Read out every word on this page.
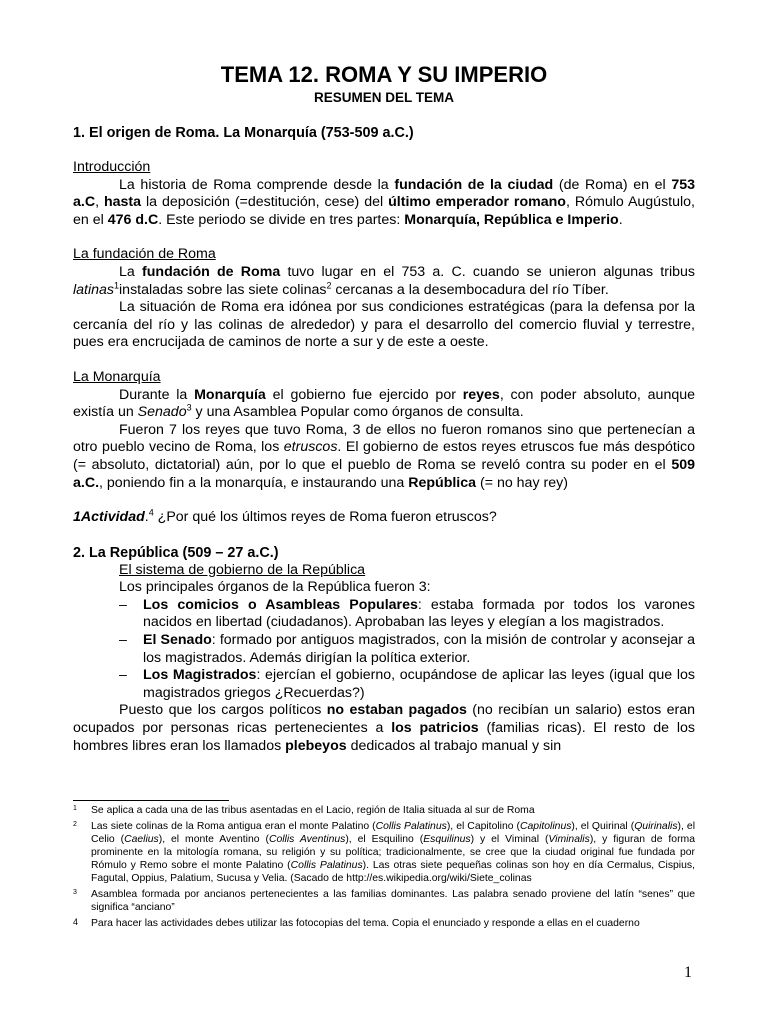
TEMA 12. ROMA Y SU IMPERIO
RESUMEN DEL TEMA
1. El origen de Roma. La Monarquía (753-509 a.C.)
Introducción

La historia de Roma comprende desde la fundación de la ciudad (de Roma) en el 753 a.C, hasta la deposición (=destitución, cese) del último emperador romano, Rómulo Augústulo, en el 476 d.C. Este periodo se divide en tres partes: Monarquía, República e Imperio.

La fundación de Roma

La fundación de Roma tuvo lugar en el 753 a. C. cuando se unieron algunas tribus latinas$^1$instaladas sobre las siete colinas$^2$ cercanas a la desembocadura del río Tíber.

La situación de Roma era idónea por sus condiciones estratégicas (para la defensa por la cercanía del río y las colinas de alrededor) y para el desarrollo del comercio fluvial y terrestre, pues era encrucijada de caminos de norte a sur y de este a oeste.

La Monarquía

Durante la Monarquía el gobierno fue ejercido por reyes, con poder absoluto, aunque existía un Senado$^3$ y una Asamblea Popular como órganos de consulta.

Fueron 7 los reyes que tuvo Roma, 3 de ellos no fueron romanos sino que pertenecían a otro pueblo vecino de Roma, los etruscos. El gobierno de estos reyes etruscos fue más despótico (= absoluto, dictatorial) aún, por lo que el pueblo de Roma se reveló contra su poder en el 509 a.C., poniendo fin a la monarquía, e instaurando una República (= no hay rey)

1Actividad.$^4$ ¿Por qué los últimos reyes de Roma fueron etruscos?

2. La República (509 – 27 a.C.)
El sistema de gobierno de la República
Los principales órganos de la República fueron 3:
– Los comicios o Asambleas Populares: estaba formada por todos los varones nacidos en libertad (ciudadanos). Aprobaban las leyes y elegían a los magistrados.
– El Senado: formado por antiguos magistrados, con la misión de controlar y aconsejar a los magistrados. Además dirigían la política exterior.
– Los Magistrados: ejercían el gobierno, ocupándose de aplicar las leyes (igual que los magistrados griegos ¿Recuerdas?)

Puesto que los cargos políticos no estaban pagados (no recibían un salario) estos eran ocupados por personas ricas pertenecientes a los patricios (familias ricas). El resto de los hombres libres eran los llamados plebeyos dedicados al trabajo manual y sin

1	Se aplica a cada una de las tribus asentadas en el Lacio, región de Italia situada al sur de Roma
2	Las siete colinas de la Roma antigua eran el monte Palatino (Collis Palatinus), el Capitolino (Capitolinus), el Quirinal (Quirinalis), el Celio (Caelius), el monte Aventino (Collis Aventinus), el Esquilino (Esquilinus) y el Viminal (Viminalis), y figuran de forma prominente en la mitología romana, su religión y su política; tradicionalmente, se cree que la ciudad original fue fundada por Rómulo y Remo sobre el monte Palatino (Collis Palatinus). Las otras siete pequeñas colinas son hoy en día Cermalus, Cispius, Fagutal, Oppius, Palatium, Sucusa y Velia. (Sacado de http://es.wikipedia.org/wiki/Siete_colinas
3	Asamblea formada por ancianos pertenecientes a las familias dominantes. Las palabra senado proviene del latín “senes” que significa “anciano”
4	Para hacer las actividades debes utilizar las fotocopias del tema. Copia el enunciado y responde a ellas en el cuaderno
1
